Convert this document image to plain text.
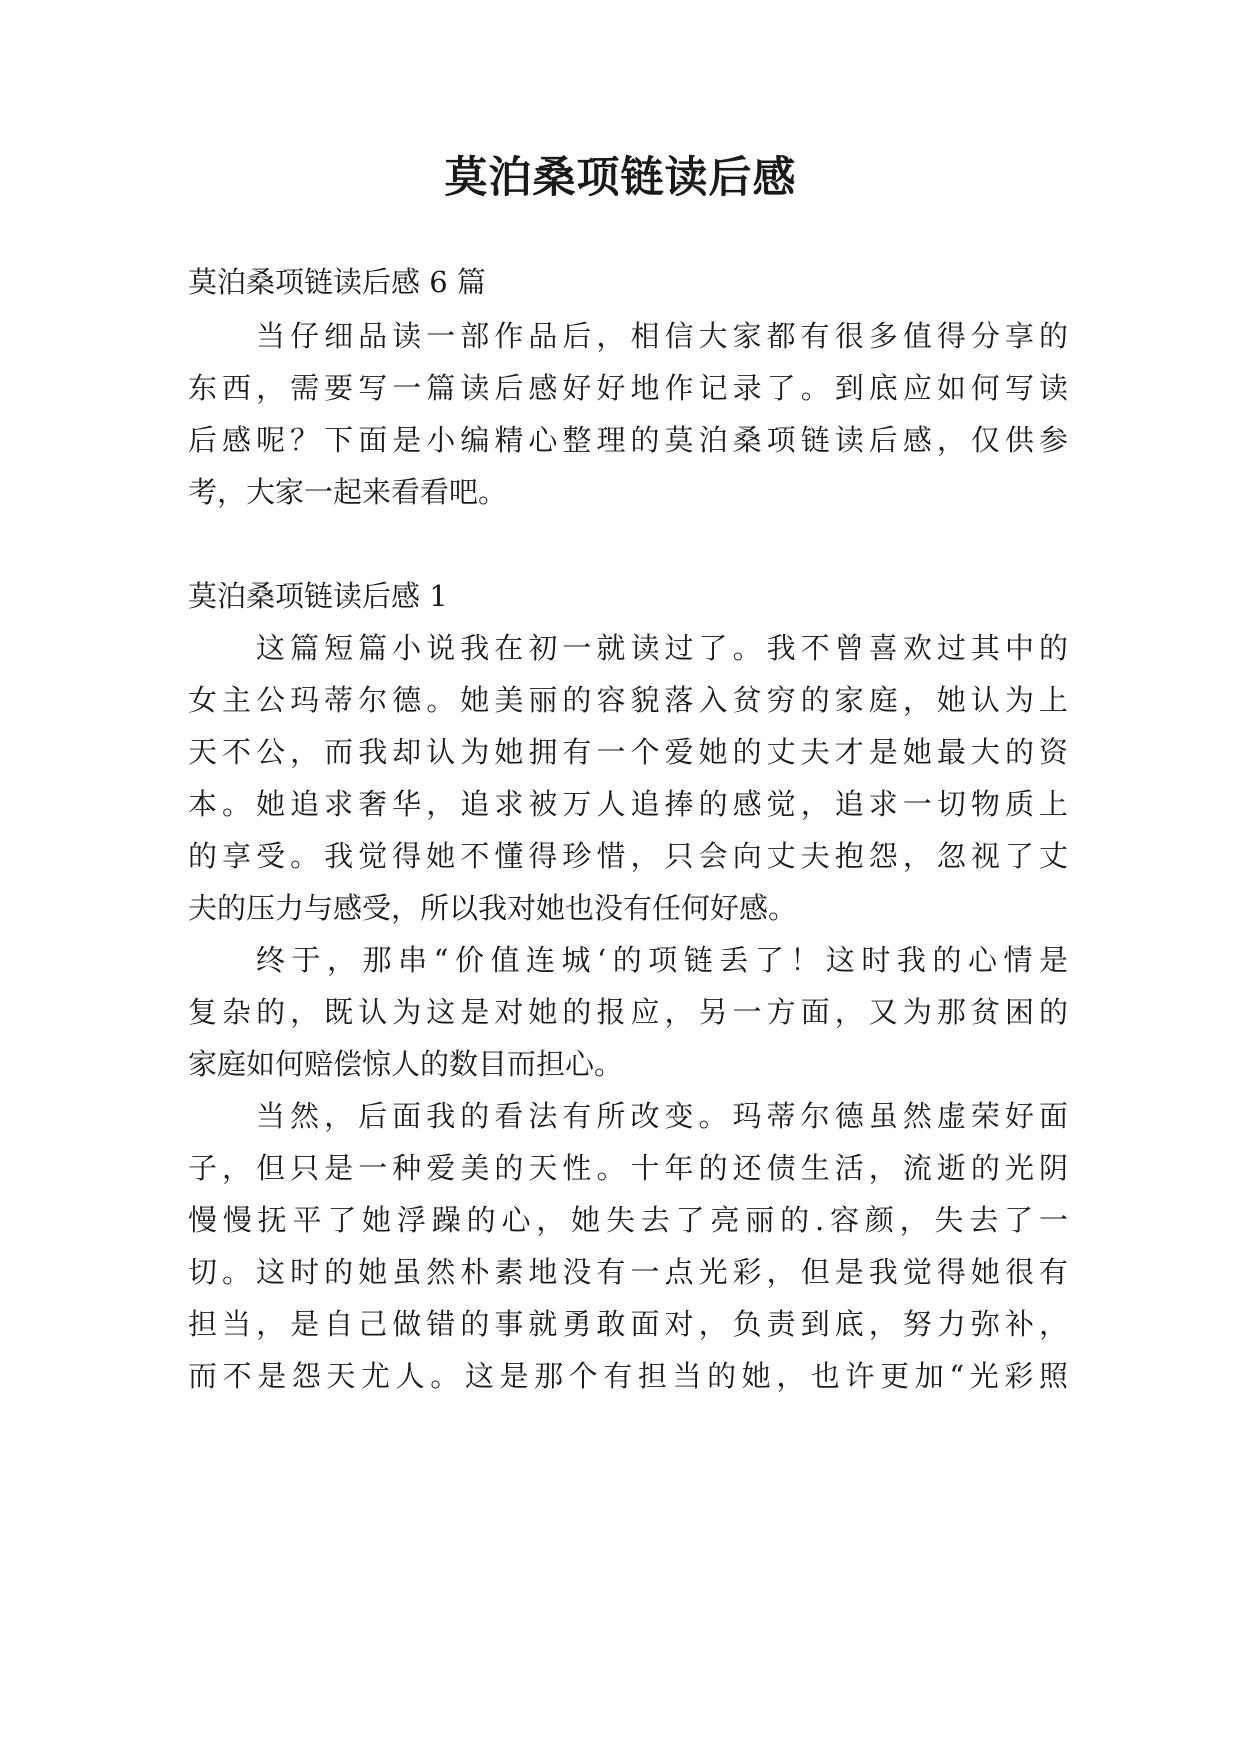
莫泊桑项链读后感

莫泊桑项链读后感 6 篇

当仔细品读一部作品后，相信大家都有很多值得分享的

东西，需要写一篇读后感好好地作记录了。到底应如何写读

后感呢？下面是小编精心整理的莫泊桑项链读后感，仅供参

考，大家一起来看看吧。

莫泊桑项链读后感 1

这篇短篇小说我在初一就读过了。我不曾喜欢过其中的

女主公玛蒂尔德。她美丽的容貌落入贫穷的家庭，她认为上

天不公，而我却认为她拥有一个爱她的丈夫才是她最大的资

本。她追求奢华，追求被万人追捧的感觉，追求一切物质上

的享受。我觉得她不懂得珍惜，只会向丈夫抱怨，忽视了丈

夫的压力与感受，所以我对她也没有任何好感。

终于，那串“价值连城‘的项链丢了！这时我的心情是

复杂的，既认为这是对她的报应，另一方面，又为那贫困的

家庭如何赔偿惊人的数目而担心。

当然，后面我的看法有所改变。玛蒂尔德虽然虚荣好面

子，但只是一种爱美的天性。十年的还债生活，流逝的光阴

慢慢抚平了她浮躁的心，她失去了亮丽的.容颜，失去了一

切。这时的她虽然朴素地没有一点光彩，但是我觉得她很有

担当，是自己做错的事就勇敢面对，负责到底，努力弥补，

而不是怨天尤人。这是那个有担当的她，也许更加“光彩照
